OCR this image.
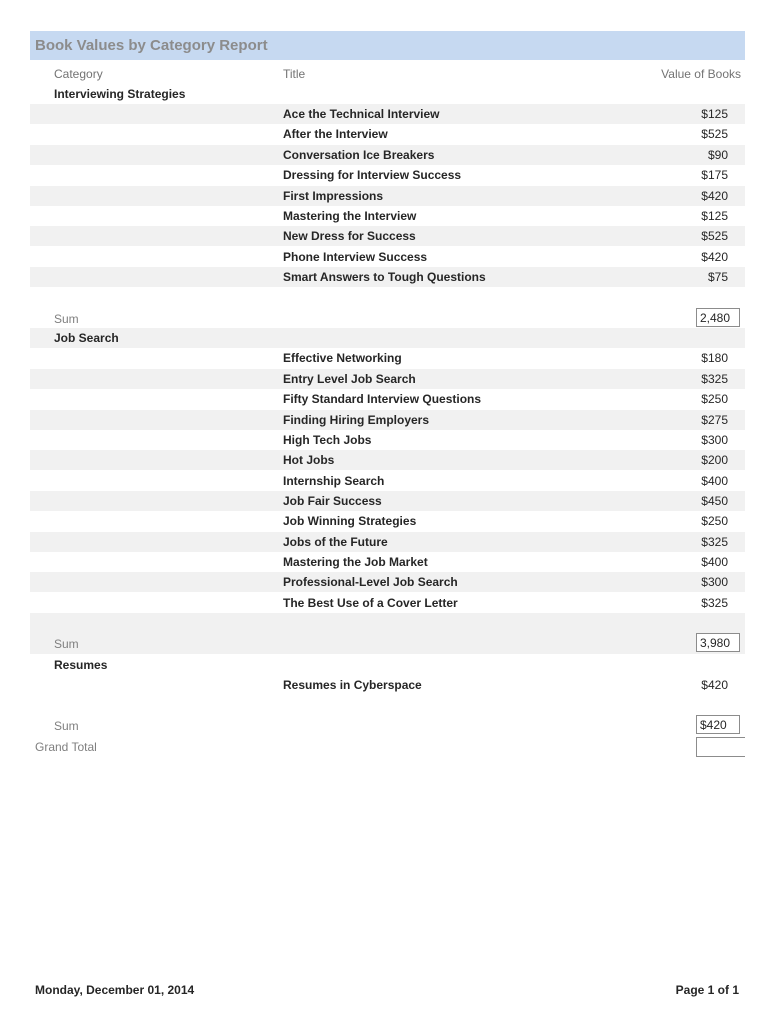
Book Values by Category Report
Category	Title	Value of Books
Interviewing Strategies
Ace the Technical Interview	$125
After the Interview	$525
Conversation Ice Breakers	$90
Dressing for Interview Success	$175
First Impressions	$420
Mastering the Interview	$125
New Dress for Success	$525
Phone Interview Success	$420
Smart Answers to Tough Questions	$75
Sum	2,480
Job Search
Effective Networking	$180
Entry Level Job Search	$325
Fifty Standard Interview Questions	$250
Finding Hiring Employers	$275
High Tech Jobs	$300
Hot Jobs	$200
Internship Search	$400
Job Fair Success	$450
Job Winning Strategies	$250
Jobs of the Future	$325
Mastering the Job Market	$400
Professional-Level Job Search	$300
The Best Use of a Cover Letter	$325
Sum	3,980
Resumes
Resumes in Cyberspace	$420
Sum	$420
Grand Total
Monday, December 01, 2014	Page 1 of 1
